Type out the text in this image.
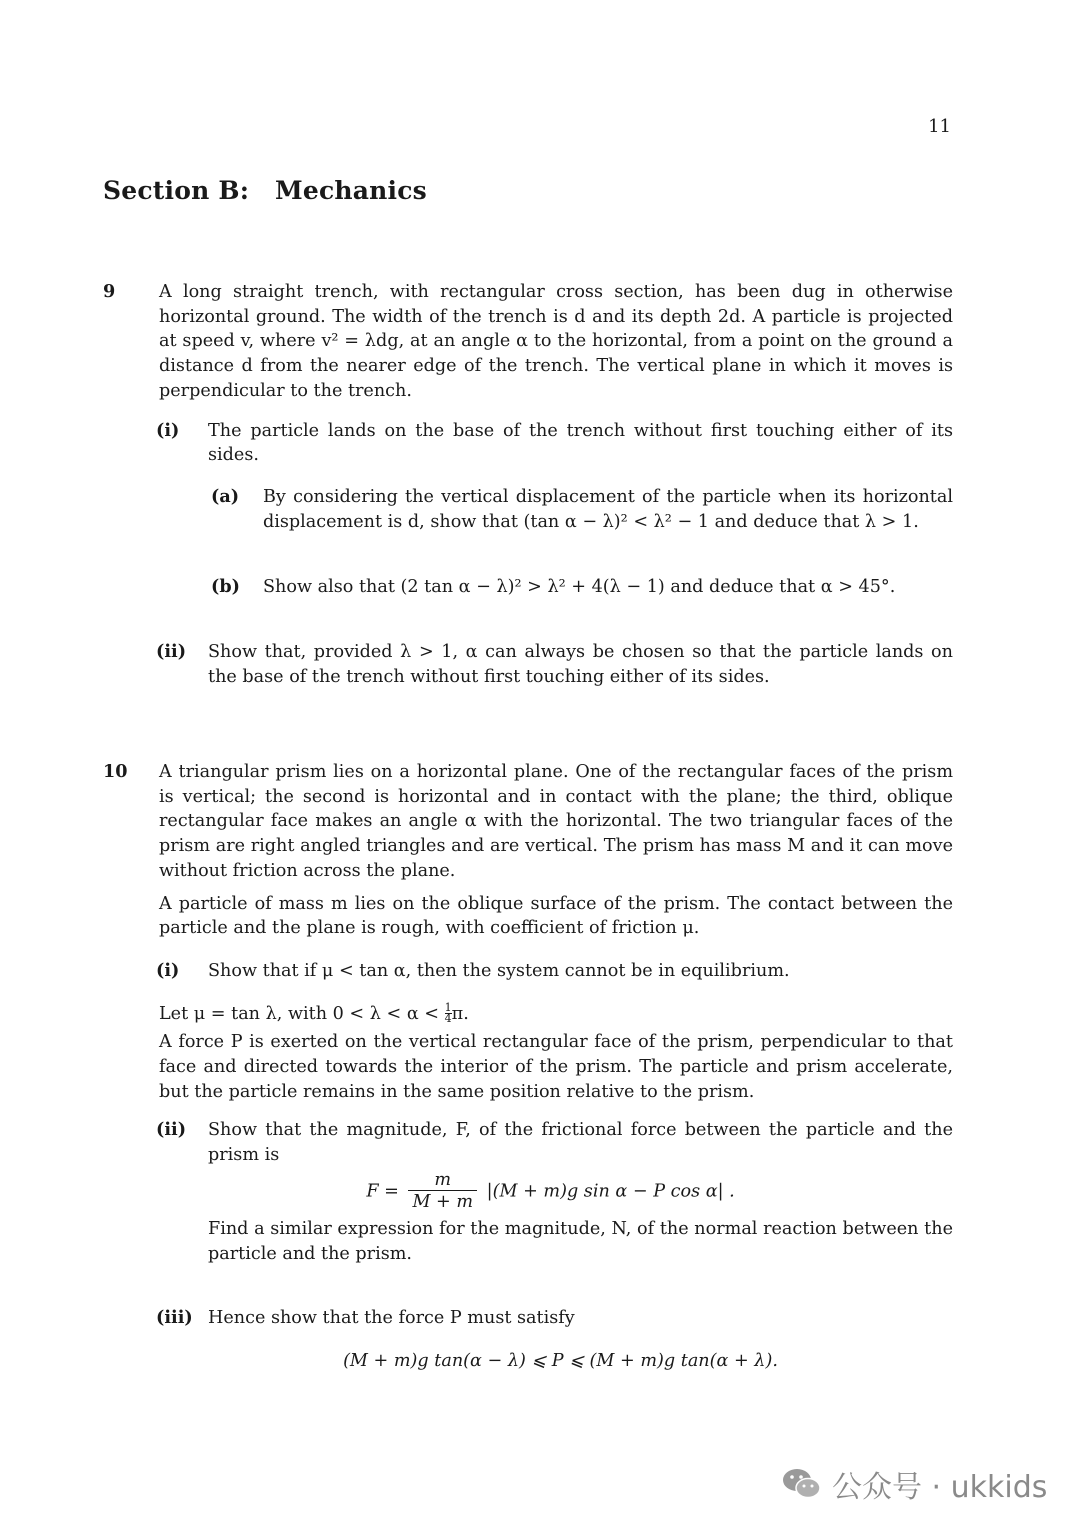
11
Section B: Mechanics
9 A long straight trench, with rectangular cross section, has been dug in otherwise horizontal ground. The width of the trench is d and its depth 2d. A particle is projected at speed v, where v² = λdg, at an angle α to the horizontal, from a point on the ground a distance d from the nearer edge of the trench. The vertical plane in which it moves is perpendicular to the trench.

(i) The particle lands on the base of the trench without first touching either of its sides.
(a) By considering the vertical displacement of the particle when its horizontal displacement is d, show that (tan α − λ)² < λ² − 1 and deduce that λ > 1.
(b) Show also that (2 tan α − λ)² > λ² + 4(λ − 1) and deduce that α > 45°.
(ii) Show that, provided λ > 1, α can always be chosen so that the particle lands on the base of the trench without first touching either of its sides.
10 A triangular prism lies on a horizontal plane. One of the rectangular faces of the prism is vertical; the second is horizontal and in contact with the plane; the third, oblique rectangular face makes an angle α with the horizontal. The two triangular faces of the prism are right angled triangles and are vertical. The prism has mass M and it can move without friction across the plane.

A particle of mass m lies on the oblique surface of the prism. The contact between the particle and the plane is rough, with coefficient of friction μ.

(i) Show that if μ < tan α, then the system cannot be in equilibrium.

Let μ = tan λ, with $0 < \lambda < \alpha < \frac{1}{4} \pi$.

A force P is exerted on the vertical rectangular face of the prism, perpendicular to that face and directed towards the interior of the prism. The particle and prism accelerate, but the particle remains in the same position relative to the prism.

(ii) Show that the magnitude, F, of the frictional force between the particle and the prism is
$F = \frac{m}{M + m} |(M + m)g$ sin α − P cos α| .
Find a similar expression for the magnitude, N, of the normal reaction between the particle and the prism.
(iii) Hence show that the force P must satisfy
(M + m)g tan(α − λ) ⩽ P ⩽ (M + m)g tan(α + λ).
公众号 · ukkids
